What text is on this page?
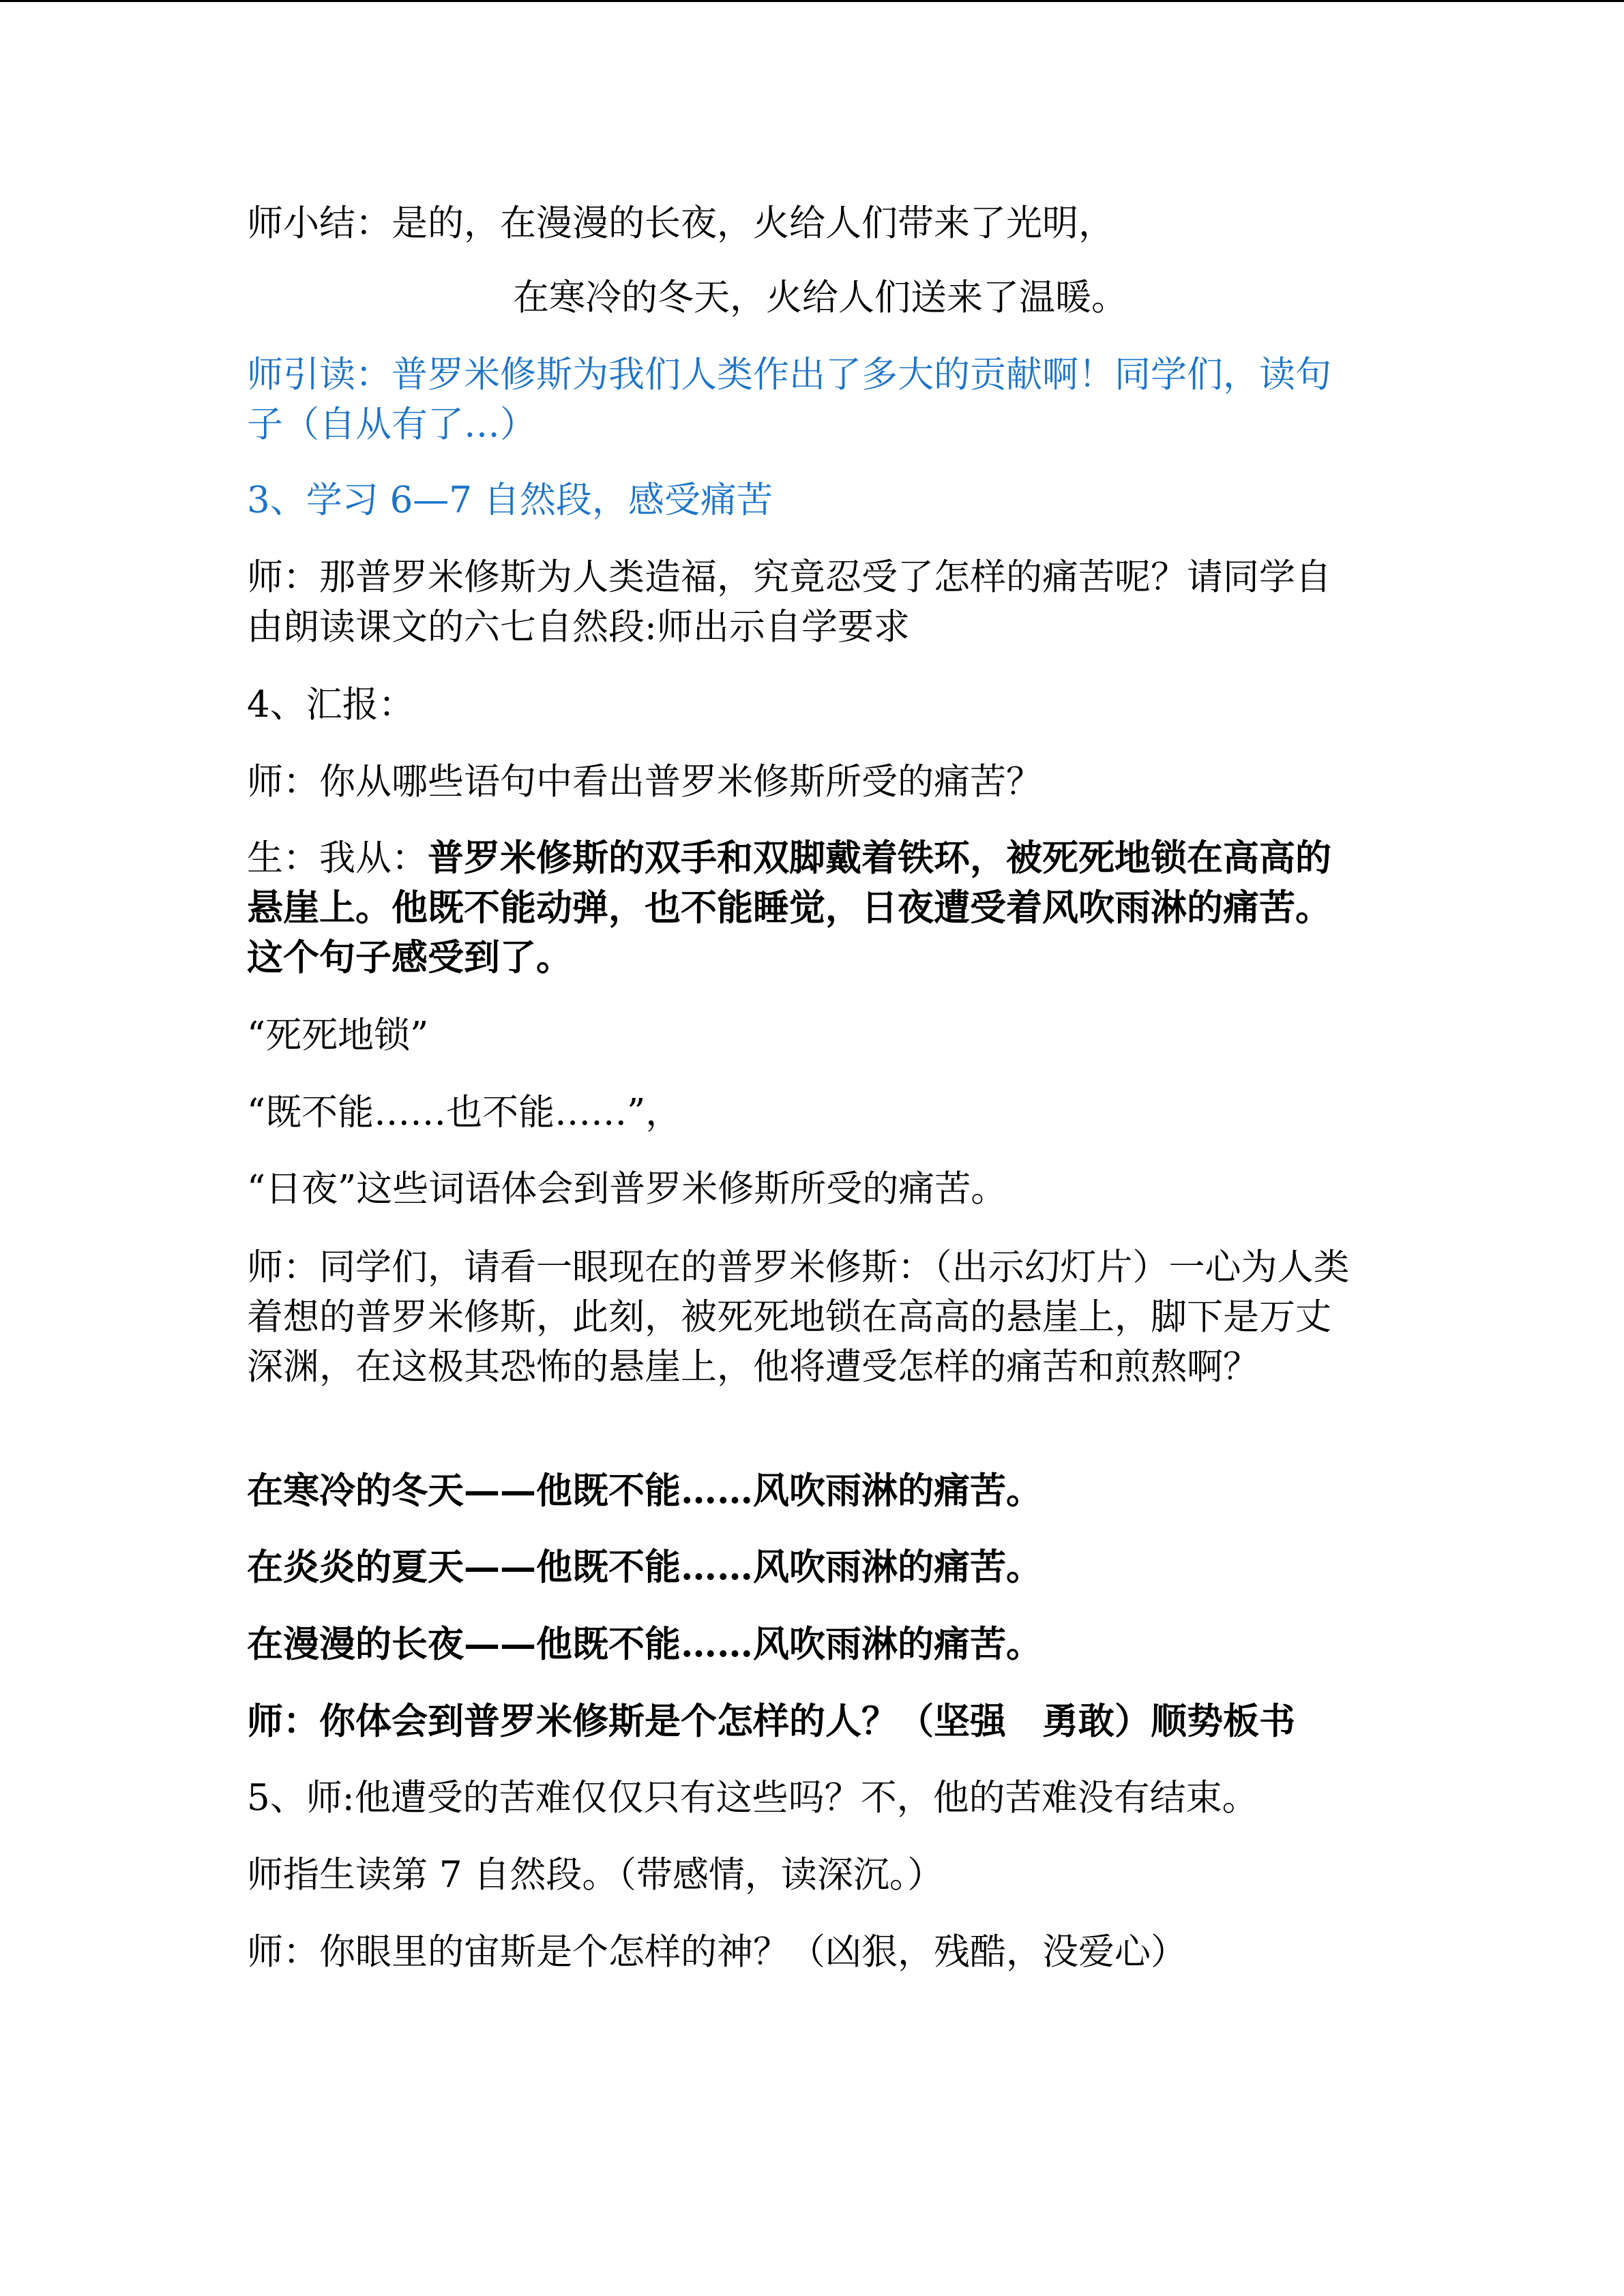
师小结：是的，在漫漫的长夜，火给人们带来了光明，
在寒冷的冬天，火给人们送来了温暖。
师引读：普罗米修斯为我们人类作出了多大的贡献啊！同学们，读句子（自从有了…）
3、学习 6—7 自然段，感受痛苦
师：那普罗米修斯为人类造福，究竟忍受了怎样的痛苦呢？请同学自由朗读课文的六七自然段:师出示自学要求
4、汇报：
师：你从哪些语句中看出普罗米修斯所受的痛苦？
生：我从：普罗米修斯的双手和双脚戴着铁环，被死死地锁在高高的悬崖上。他既不能动弹，也不能睡觉，日夜遭受着风吹雨淋的痛苦。这个句子感受到了。
“死死地锁”
“既不能……也不能……”，
“日夜”这些词语体会到普罗米修斯所受的痛苦。
师：同学们，请看一眼现在的普罗米修斯：（出示幻灯片）一心为人类着想的普罗米修斯，此刻，被死死地锁在高高的悬崖上，脚下是万丈深渊，在这极其恐怖的悬崖上，他将遭受怎样的痛苦和煎熬啊？
在寒冷的冬天——他既不能……风吹雨淋的痛苦。
在炎炎的夏天——他既不能……风吹雨淋的痛苦。
在漫漫的长夜——他既不能……风吹雨淋的痛苦。
师：你体会到普罗米修斯是个怎样的人？（坚强　勇敢）顺势板书
5、师:他遭受的苦难仅仅只有这些吗？不，他的苦难没有结束。
师指生读第 7 自然段。（带感情，读深沉。）
师：你眼里的宙斯是个怎样的神？（凶狠，残酷，没爱心）
